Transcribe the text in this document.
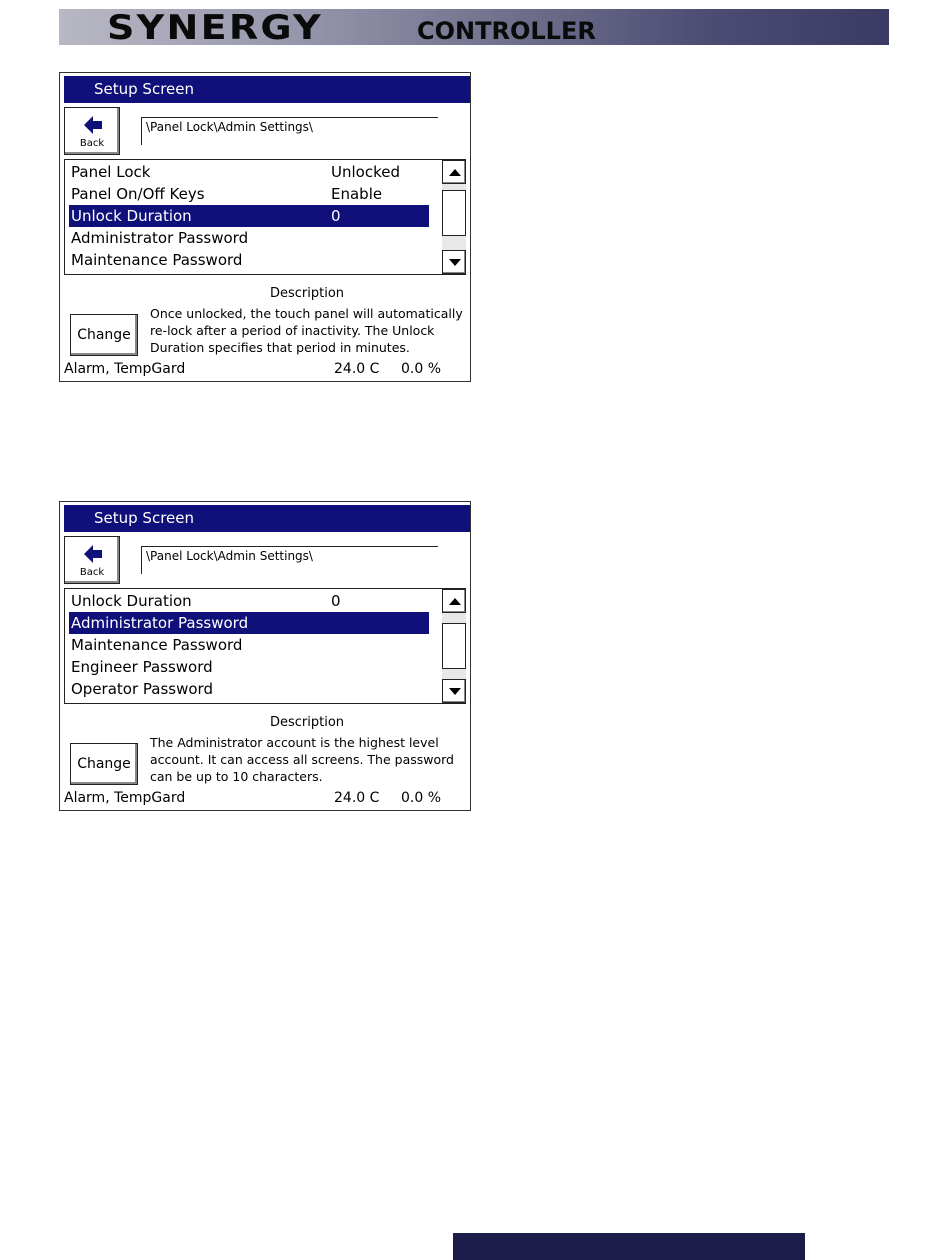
SYNERGY	CONTROLLER
Setup Screen
Back
\Panel Lock\Admin Settings\
Panel Lock	Unlocked
Panel On/Off Keys	Enable
Unlock Duration	0
Administrator Password
Maintenance Password
Description
Change
Once unlocked, the touch panel will automatically re-lock after a period of inactivity. The Unlock Duration specifies that period in minutes.
Alarm, TempGard	24.0 C 0.0 %
Setup Screen
Back
\Panel Lock\Admin Settings\
Unlock Duration	0
Administrator Password
Maintenance Password
Engineer Password
Operator Password
Description
Change
The Administrator account is the highest level account. It can access all screens. The password can be up to 10 characters.
Alarm, TempGard	24.0 C 0.0 %
